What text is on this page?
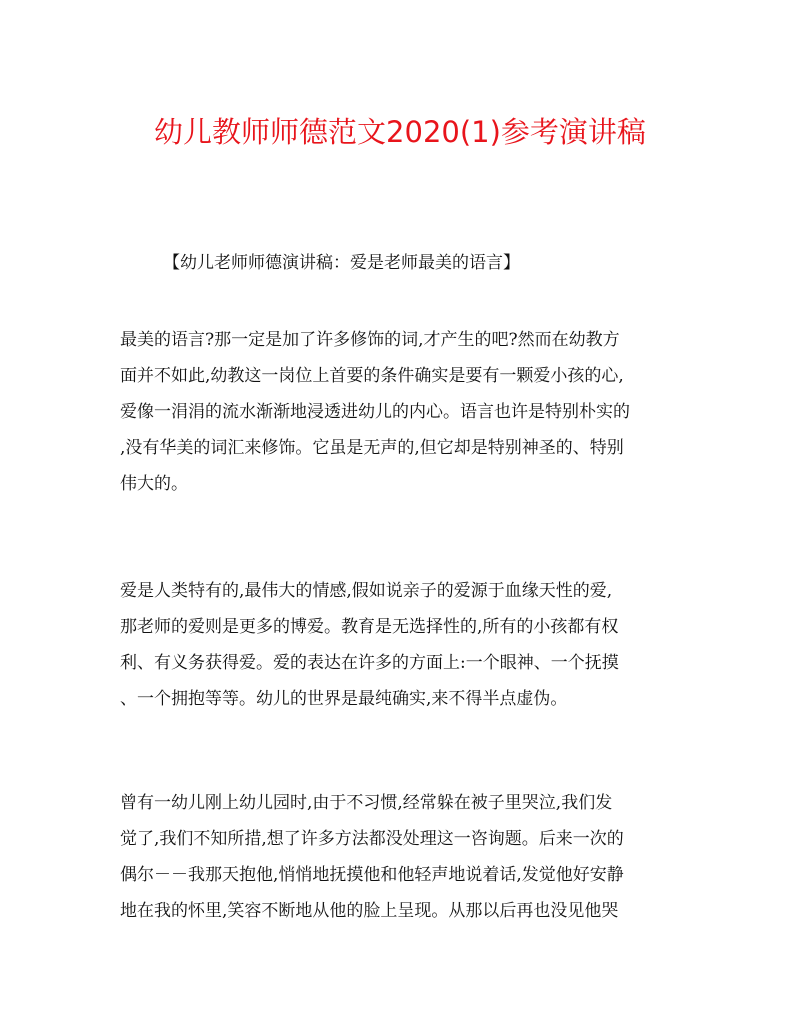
幼儿教师师德范文2020(1)参考演讲稿

【幼儿老师师德演讲稿：爱是老师最美的语言】

最美的语言?那一定是加了许多修饰的词,才产生的吧?然而在幼教方
面并不如此,幼教这一岗位上首要的条件确实是要有一颗爱小孩的心,
爱像一涓涓的流水渐渐地浸透进幼儿的内心。语言也许是特别朴实的
,没有华美的词汇来修饰。它虽是无声的,但它却是特别神圣的、特别
伟大的。
爱是人类特有的,最伟大的情感,假如说亲子的爱源于血缘天性的爱,
那老师的爱则是更多的博爱。教育是无选择性的,所有的小孩都有权
利、有义务获得爱。爱的表达在许多的方面上:一个眼神、一个抚摸
、一个拥抱等等。幼儿的世界是最纯确实,来不得半点虚伪。
曾有一幼儿刚上幼儿园时,由于不习惯,经常躲在被子里哭泣,我们发
觉了,我们不知所措,想了许多方法都没处理这一咨询题。后来一次的
偶尔－－我那天抱他,悄悄地抚摸他和他轻声地说着话,发觉他好安静
地在我的怀里,笑容不断地从他的脸上呈现。从那以后再也没见他哭
